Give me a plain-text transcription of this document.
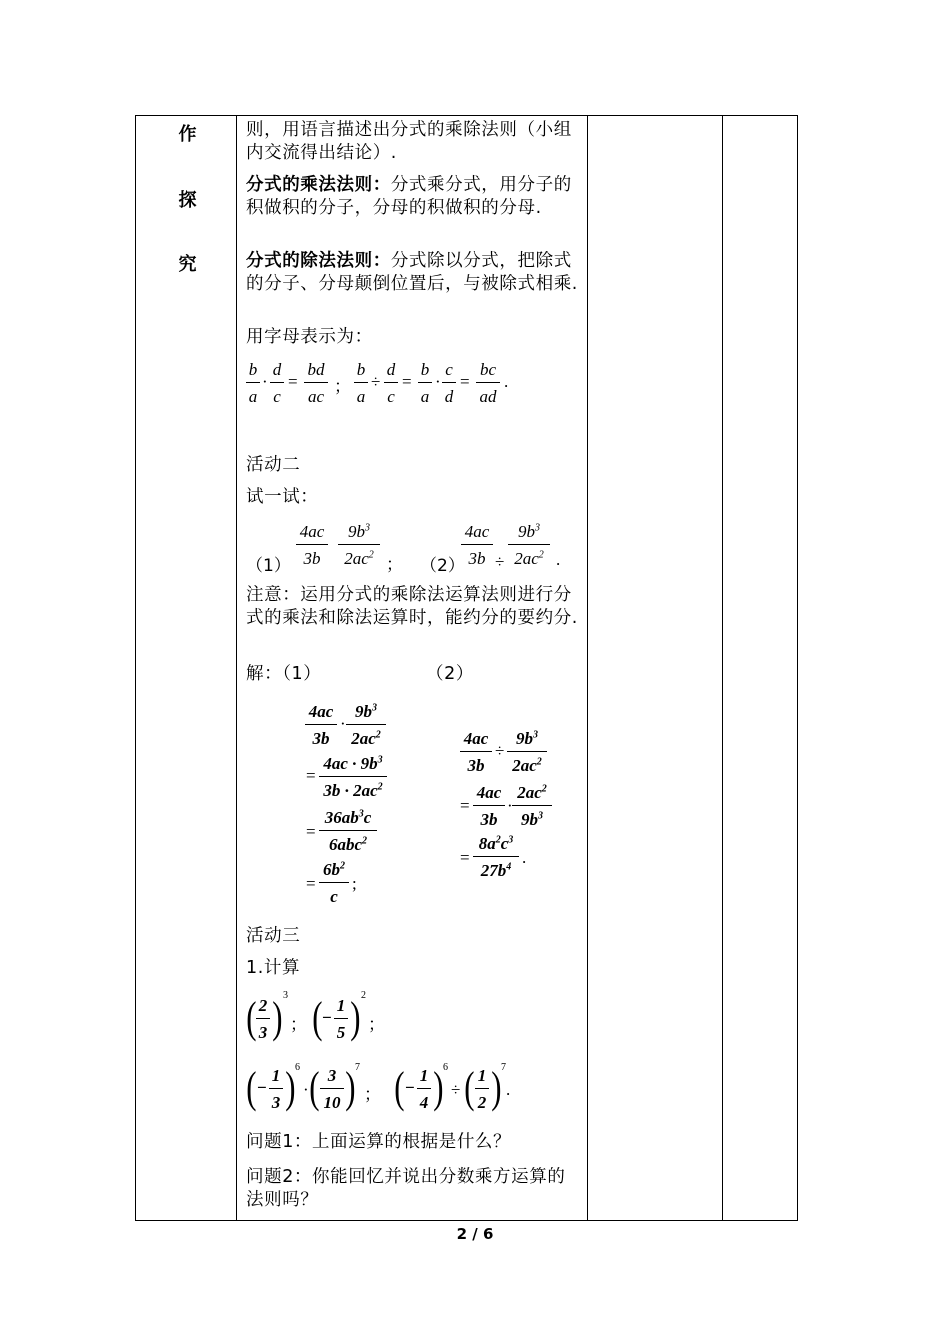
作
探
究
则，用语言描述出分式的乘除法则（小组内交流得出结论）.
分式的乘法法则：分式乘分式，用分子的积做积的分子，分母的积做积的分母.
分式的除法法则：分式除以分式，把除式的分子、分母颠倒位置后，与被除式相乘.
用字母表示为：
$\frac{b}{a} \cdot \frac{d}{c} = \frac{bd}{ac}$ ； $\frac{b}{a} \div \frac{d}{c} = \frac{b}{a} \cdot \frac{c}{d} = \frac{bc}{ad}$ .
活动二
试一试：
$(1) \frac{4ac}{3b} \frac{9b^3}{2ac^2}$ ； （2）
$\frac{4ac}{3b} \div \frac{9b^3}{2ac^2}$ .
注意：运用分式的乘除法运算法则进行分式的乘法和除法运算时，能约分的要约分.
解：（1）	（2）
$\frac{4ac}{3b} \cdot \frac{9b^3}{2ac^2}$
= $\frac{4ac \cdot 9b^3}{3b \cdot 2ac^2}$
=
$36ab^3c$
6abc$^2$
= $\frac{6b^2}{c}$ ;
$\frac{4ac}{3b} \div \frac{9b^3}{2ac^2}$
= $\frac{4ac}{3b} \cdot \frac{2ac^2}{9b^3}$
= $\frac{8a^2c^3}{27b^4}$ .
活动三
1.计算
( $\frac{2}{3}$ ) 3
； ( − $\frac{1}{5}$ ) 2
；
( − $\frac{1}{3}$ ) 6
· ( $\frac{3}{10}$ ) 7
； ( − $\frac{1}{4}$ ) 6
÷ ( $\frac{1}{2}$ ) 7
.
问题1：上面运算的根据是什么？
问题2：你能回忆并说出分数乘方运算的法则吗？
2 / 6
